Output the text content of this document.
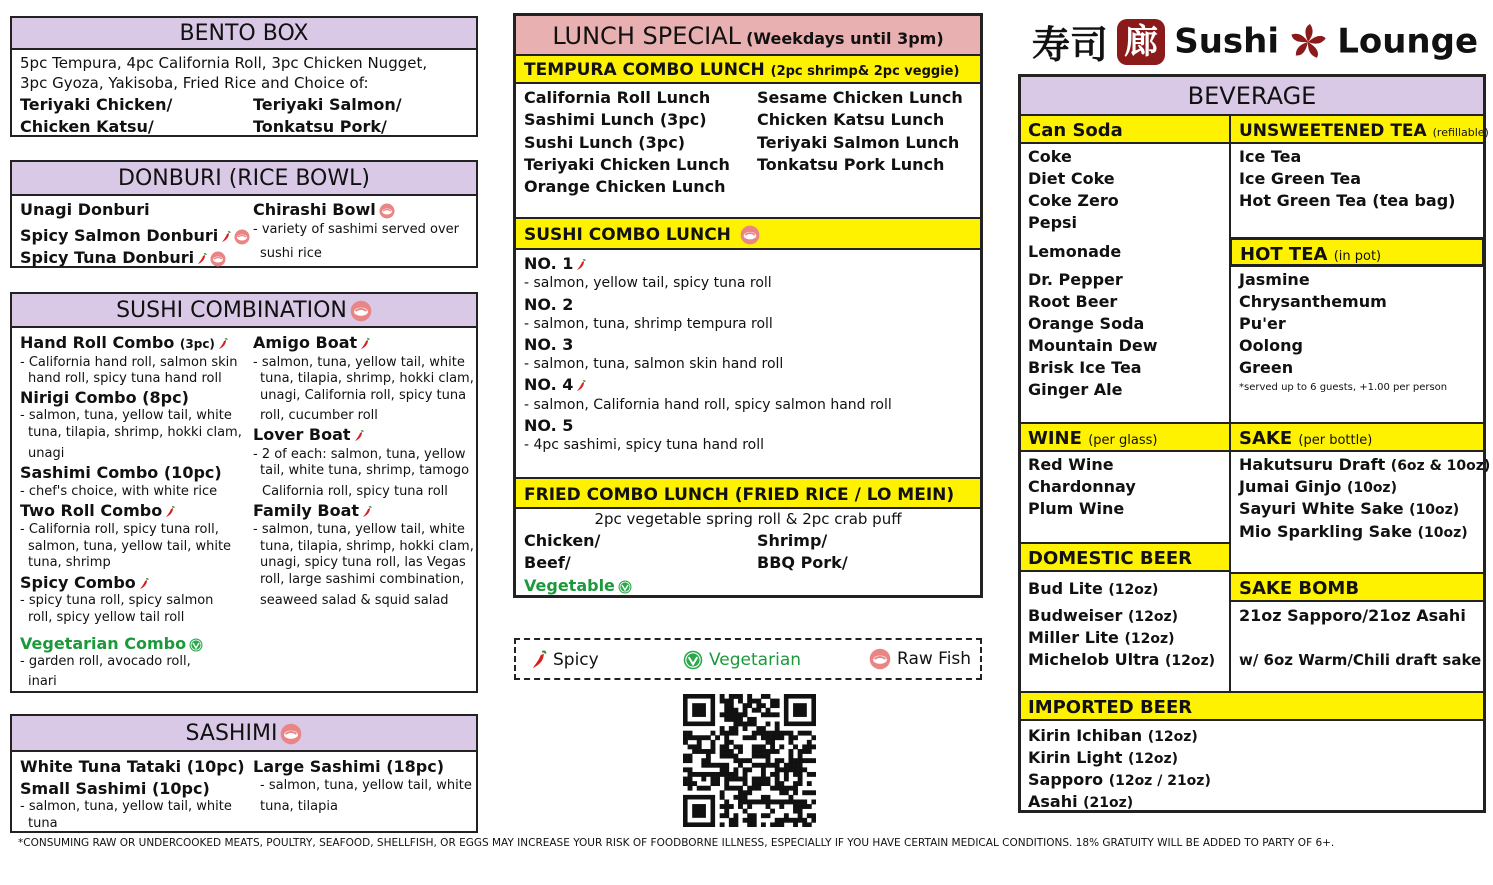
BENTO BOX
5pc Tempura, 4pc California Roll, 3pc Chicken Nugget,
3pc Gyoza, Yakisoba, Fried Rice and Choice of:
Teriyaki Chicken/
Chicken Katsu/
Teriyaki Salmon/
Tonkatsu Pork/
DONBURI (RICE BOWL)
Unagi Donburi
Spicy Salmon Donburi
Spicy Tuna Donburi
Chirashi Bowl
- variety of sashimi served over
sushi rice
SUSHI COMBINATION
Hand Roll Combo (3pc)
- California hand roll, salmon skin
hand roll, spicy tuna hand roll
Nirigi Combo (8pc)
- salmon, tuna, yellow tail, white
tuna, tilapia, shrimp, hokki clam,
unagi
Sashimi Combo (10pc)
- chef's choice, with white rice
Two Roll Combo
- California roll, spicy tuna roll,
salmon, tuna, yellow tail, white
tuna, shrimp
Spicy Combo
- spicy tuna roll, spicy salmon
roll, spicy yellow tail roll
Vegetarian Combo
- garden roll, avocado roll,
inari
Amigo Boat
- salmon, tuna, yellow tail, white
tuna, tilapia, shrimp, hokki clam,
unagi, California roll, spicy tuna
roll, cucumber roll
Lover Boat
- 2 of each: salmon, tuna, yellow
tail, white tuna, shrimp, tamogo
California roll, spicy tuna roll
Family Boat
- salmon, tuna, yellow tail, white
tuna, tilapia, shrimp, hokki clam,
unagi, spicy tuna roll, las Vegas
roll, large sashimi combination,
seaweed salad & squid salad
SASHIMI
White Tuna Tataki (10pc)
Small Sashimi (10pc)
- salmon, tuna, yellow tail, white
tuna
Large Sashimi (18pc)
- salmon, tuna, yellow tail, white
tuna, tilapia
LUNCH SPECIAL (Weekdays until 3pm)
TEMPURA COMBO LUNCH (2pc shrimp& 2pc veggie)
California Roll Lunch
Sashimi Lunch (3pc)
Sushi Lunch (3pc)
Teriyaki Chicken Lunch
Orange Chicken Lunch
Sesame Chicken Lunch
Chicken Katsu Lunch
Teriyaki Salmon Lunch
Tonkatsu Pork Lunch
SUSHI COMBO LUNCH
NO. 1
- salmon, yellow tail, spicy tuna roll
NO. 2
- salmon, tuna, shrimp tempura roll
NO. 3
- salmon, tuna, salmon skin hand roll
NO. 4
- salmon, California hand roll, spicy salmon hand roll
NO. 5
- 4pc sashimi, spicy tuna hand roll
FRIED COMBO LUNCH (FRIED RICE / LO MEIN)
2pc vegetable spring roll & 2pc crab puff
Chicken/
Beef/
Vegetable
Shrimp/
BBQ Pork/
Spicy	Vegetarian	Raw Fish
寿司 廊 Sushi Lounge
BEVERAGE
Can Soda
Coke
Diet Coke
Coke Zero
Pepsi
Lemonade
Dr. Pepper
Root Beer
Orange Soda
Mountain Dew
Brisk Ice Tea
Ginger Ale
UNSWEETENED TEA (refillable)
Ice Tea
Ice Green Tea
Hot Green Tea (tea bag)
HOT TEA (in pot)
Jasmine
Chrysanthemum
Pu'er
Oolong
Green
*served up to 6 guests, +1.00 per person
WINE (per glass)
Red Wine
Chardonnay
Plum Wine
SAKE (per bottle)
Hakutsuru Draft (6oz & 10oz)
Jumai Ginjo (10oz)
Sayuri White Sake (10oz)
Mio Sparkling Sake (10oz)
DOMESTIC BEER
Bud Lite (12oz)
Budweiser (12oz)
Miller Lite (12oz)
Michelob Ultra (12oz)
SAKE BOMB
21oz Sapporo/21oz Asahi
w/ 6oz Warm/Chili draft sake
IMPORTED BEER
Kirin Ichiban (12oz)
Kirin Light (12oz)
Sapporo (12oz / 21oz)
Asahi (21oz)
*CONSUMING RAW OR UNDERCOOKED MEATS, POULTRY, SEAFOOD, SHELLFISH, OR EGGS MAY INCREASE YOUR RISK OF FOODBORNE ILLNESS, ESPECIALLY IF YOU HAVE CERTAIN MEDICAL CONDITIONS. 18% GRATUITY WILL BE ADDED TO PARTY OF 6+.
